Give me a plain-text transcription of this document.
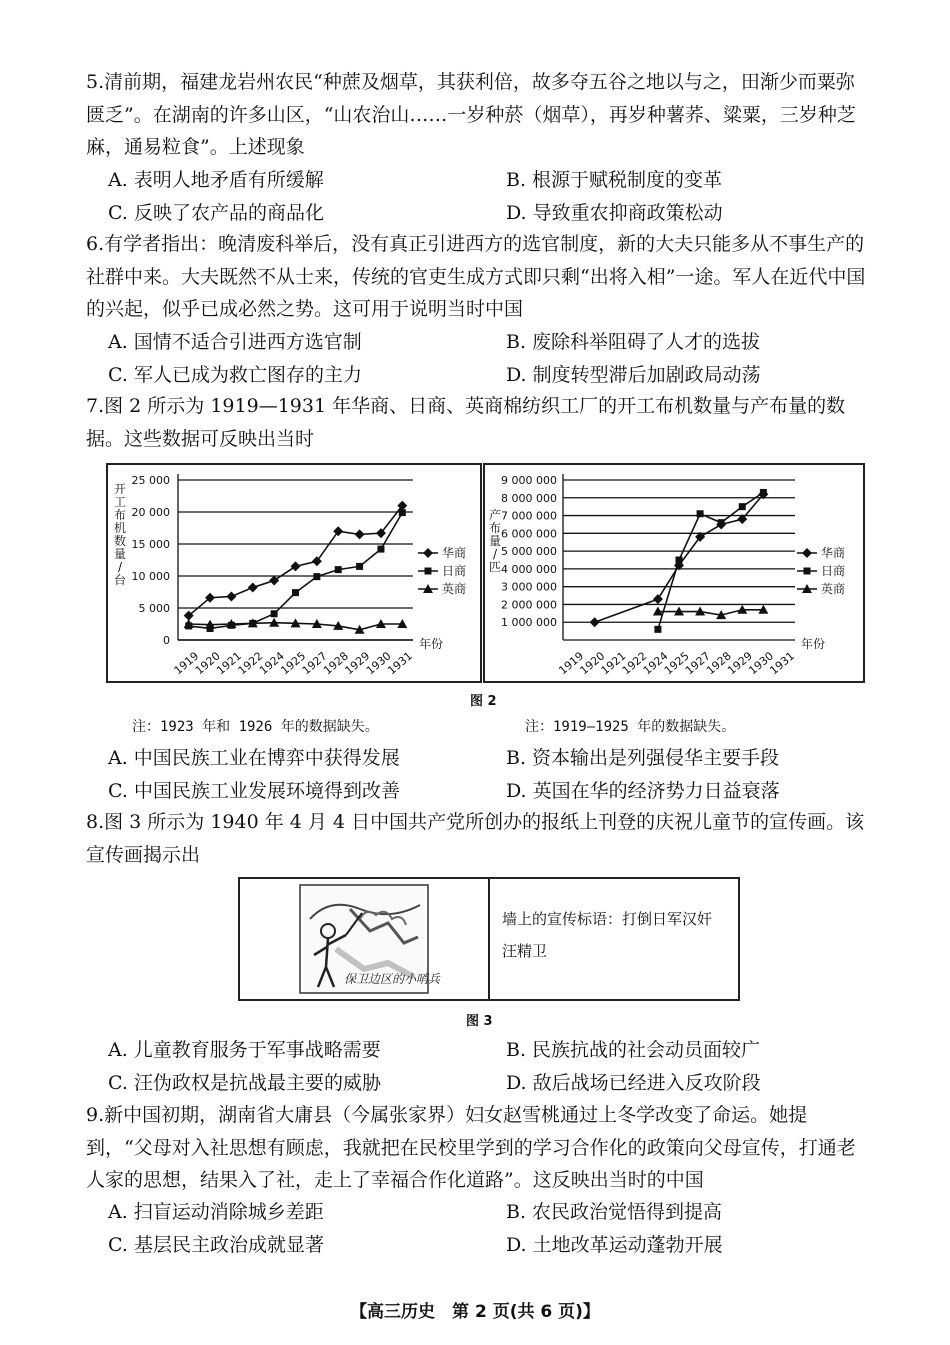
5.清前期，福建龙岩州农民“种蔗及烟草，其获利倍，故多夺五谷之地以与之，田渐少而粟弥匮乏”。在湖南的许多山区，“山农治山……一岁种菸（烟草），再岁种薯荞、粱粟，三岁种芝麻，通易粒食”。上述现象
A. 表明人地矛盾有所缓解	B. 根源于赋税制度的变革
C. 反映了农产品的商品化	D. 导致重农抑商政策松动
6.有学者指出：晚清废科举后，没有真正引进西方的选官制度，新的大夫只能多从不事生产的社群中来。大夫既然不从士来，传统的官吏生成方式即只剩“出将入相”一途。军人在近代中国的兴起，似乎已成必然之势。这可用于说明当时中国
A. 国情不适合引进西方选官制	B. 废除科举阻碍了人才的选拔
C. 军人已成为救亡图存的主力	D. 制度转型滞后加剧政局动荡
7.图 2 所示为 1919—1931 年华商、日商、英商棉纺织工厂的开工布机数量与产布量的数据。这些数据可反映出当时
25 000
20 000
15 000
10 000
5 000
0
1919
1920
1921
1922
1924
1925
1927
1928
1929
1930
1931
年份
开
工
布
机
数
量
/
台
华商
日商
英商
9 000 000
8 000 000
7 000 000
6 000 000
5 000 000
4 000 000
3 000 000
2 000 000
1 000 000
1919
1920
1921
1922
1924
1925
1927
1928
1929
1930
1931
年份
产
布
量
/
匹
华商
日商
英商
图 2
注：1923 年和 1926 年的数据缺失。	注：1919—1925 年的数据缺失。
A. 中国民族工业在博弈中获得发展	B. 资本输出是列强侵华主要手段
C. 中国民族工业发展环境得到改善	D. 英国在华的经济势力日益衰落
8.图 3 所示为 1940 年 4 月 4 日中国共产党所创办的报纸上刊登的庆祝儿童节的宣传画。该宣传画揭示出
保卫边区的小哨兵
墙上的宣传标语：打倒日军汉奸汪精卫
图 3
A. 儿童教育服务于军事战略需要	B. 民族抗战的社会动员面较广
C. 汪伪政权是抗战最主要的威胁	D. 敌后战场已经进入反攻阶段
9.新中国初期，湖南省大庸县（今属张家界）妇女赵雪桃通过上冬学改变了命运。她提到，“父母对入社思想有顾虑，我就把在民校里学到的学习合作化的政策向父母宣传，打通老人家的思想，结果入了社，走上了幸福合作化道路”。这反映出当时的中国
A. 扫盲运动消除城乡差距	B. 农民政治觉悟得到提高
C. 基层民主政治成就显著	D. 土地改革运动蓬勃开展
【高三历史　第 2 页(共 6 页)】
